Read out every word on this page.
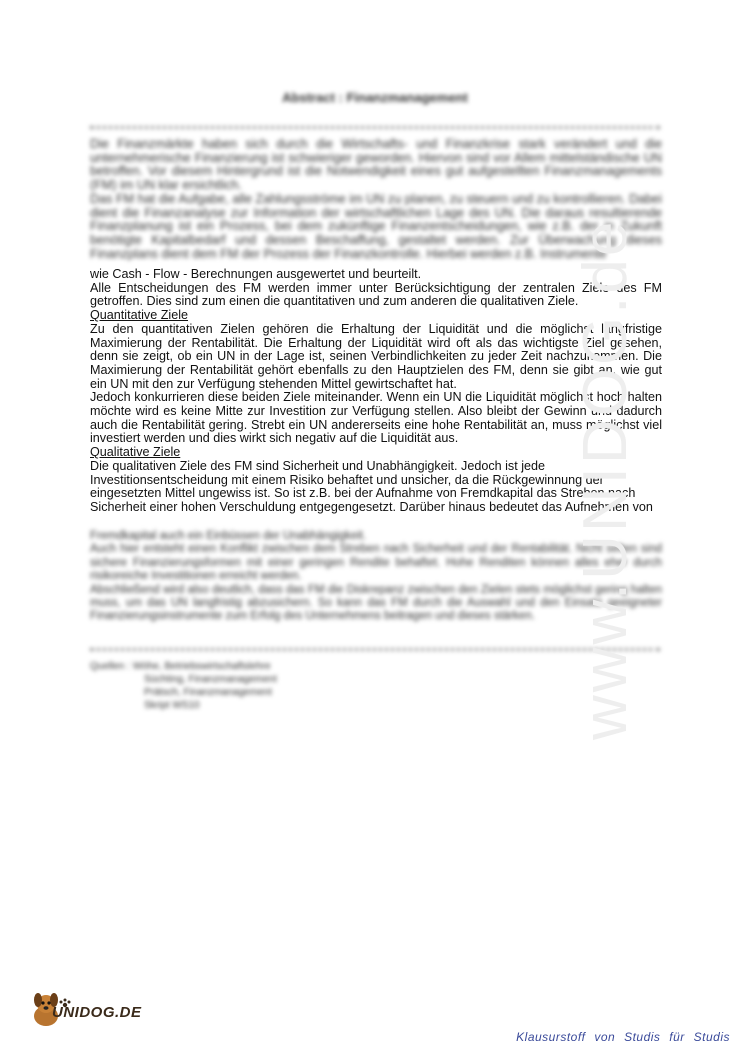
Abstract : Finanzmanagement

Die Finanzmärkte haben sich durch die Wirtschafts- und Finanzkrise stark verändert und die unternehmerische Finanzierung ist schwieriger geworden. Hiervon sind vor Allem mittelständische UN betroffen. Vor diesem Hintergrund ist die Notwendigkeit eines gut aufgestellten Finanzmanagements (FM) im UN klar ersichtlich.

Das FM hat die Aufgabe, alle Zahlungsströme im UN zu planen, zu steuern und zu kontrollieren. Dabei dient die Finanzanalyse zur Information der wirtschaftlichen Lage des UN. Die daraus resultierende Finanzplanung ist ein Prozess, bei dem zukünftige Finanzentscheidungen, wie z.B. der in Zukunft benötigte Kapitalbedarf und dessen Beschaffung, gestaltet werden. Zur Überwachung dieses Finanzplans dient dem FM der Prozess der Finanzkontrolle. Hierbei werden z.B. Instrumente

wie Cash - Flow - Berechnungen ausgewertet und beurteilt.

Alle Entscheidungen des FM werden immer unter Berücksichtigung der zentralen Ziele des FM getroffen. Dies sind zum einen die quantitativen und zum anderen die qualitativen Ziele.

Quantitative Ziele

Zu den quantitativen Zielen gehören die Erhaltung der Liquidität und die möglichst langfristige Maximierung der Rentabilität. Die Erhaltung der Liquidität wird oft als das wichtigste Ziel gesehen, denn sie zeigt, ob ein UN in der Lage ist, seinen Verbindlichkeiten zu jeder Zeit nachzukommen. Die Maximierung der Rentabilität gehört ebenfalls zu den Hauptzielen des FM, denn sie gibt an, wie gut ein UN mit den zur Verfügung stehenden Mittel gewirtschaftet hat.

Jedoch konkurrieren diese beiden Ziele miteinander. Wenn ein UN die Liquidität möglichst hoch halten möchte wird es keine Mitte zur Investition zur Verfügung stellen. Also bleibt der Gewinn und dadurch auch die Rentabilität gering. Strebt ein UN andererseits eine hohe Rentabilität an, muss möglichst viel investiert werden und dies wirkt sich negativ auf die Liquidität aus.

Qualitative Ziele

Die qualitativen Ziele des FM sind Sicherheit und Unabhängigkeit. Jedoch ist jede

Investitionsentscheidung mit einem Risiko behaftet und unsicher, da die Rückgewinnung der

eingesetzten Mittel ungewiss ist. So ist z.B. bei der Aufnahme von Fremdkapital das Streben nach

Sicherheit einer hohen Verschuldung entgegengesetzt. Darüber hinaus bedeutet das Aufnehmen von

Fremdkapital auch ein Einbüssen der Unabhängigkeit.

Auch hier entsteht einen Konflikt zwischen dem Streben nach Sicherheit und der Rentabilität. Nicht selten sind sichere Finanzierungsformen mit einer geringen Rendite behaftet. Hohe Renditen können alles eher durch risikoreiche Investitionen erreicht werden.

Abschließend wird also deutlich, dass das FM die Diskrepanz zwischen den Zielen stets möglichst gering halten muss, um das UN langfristig abzusichern. So kann das FM durch die Auswahl und den Einsatz geeigneter Finanzierungsinstrumente zum Erfolg des Unternehmens beitragen und dieses stärken.

Quellen : Wöhe, Betriebswirtschaftslehre
Süchting, Finanzmanagement
Prätsch, Finanzmanagement
Skript WS10	www.UNIDOG.de
UNIDOG.DE
Klausurstoff von Studis für Studis
